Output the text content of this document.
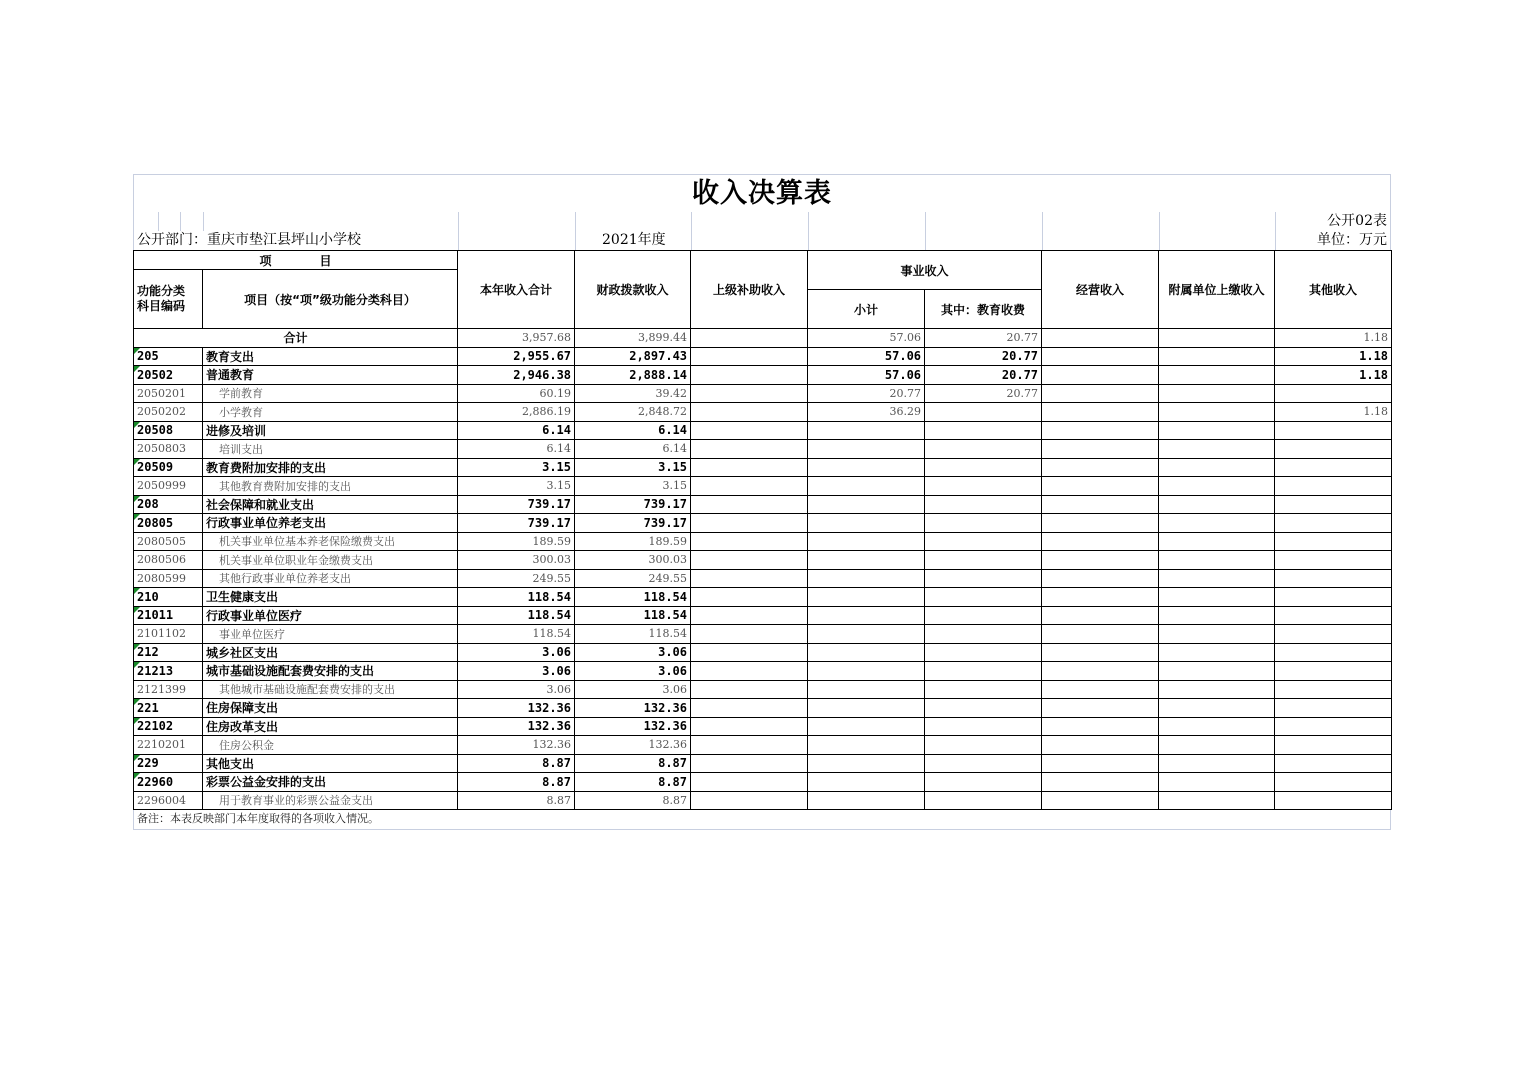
收入决算表
公开02表
公开部门：重庆市垫江县坪山小学校	2021年度	单位：万元
项　　　　目		本年收入合计	财政拨款收入	上级补助收入	事业收入		经营收入	附属单位上缴收入	其他收入
功能分类
科目编码	项目（按“项”级功能分类科目）								
					小计	其中：教育收费			
合计		3,957.68	3,899.44		57.06	20.77			1.18

205	教育支出	2,955.67	2,897.43		57.06	20.77			1.18

20502	普通教育	2,946.38	2,888.14		57.06	20.77			1.18
2050201	学前教育	60.19	39.42		20.77	20.77			
2050202	小学教育	2,886.19	2,848.72		36.29				1.18

20508	进修及培训	6.14	6.14						
2050803	培训支出	6.14	6.14						

20509	教育费附加安排的支出	3.15	3.15						
2050999	其他教育费附加安排的支出	3.15	3.15						

208	社会保障和就业支出	739.17	739.17						

20805	行政事业单位养老支出	739.17	739.17						
2080505	机关事业单位基本养老保险缴费支出	189.59	189.59						
2080506	机关事业单位职业年金缴费支出	300.03	300.03						
2080599	其他行政事业单位养老支出	249.55	249.55						

210	卫生健康支出	118.54	118.54						

21011	行政事业单位医疗	118.54	118.54						
2101102	事业单位医疗	118.54	118.54						

212	城乡社区支出	3.06	3.06						

21213	城市基础设施配套费安排的支出	3.06	3.06						
2121399	其他城市基础设施配套费安排的支出	3.06	3.06						

221	住房保障支出	132.36	132.36						

22102	住房改革支出	132.36	132.36						
2210201	住房公积金	132.36	132.36						

229	其他支出	8.87	8.87						

22960	彩票公益金安排的支出	8.87	8.87						
2296004	用于教育事业的彩票公益金支出	8.87	8.87						
备注：本表反映部门本年度取得的各项收入情况。
